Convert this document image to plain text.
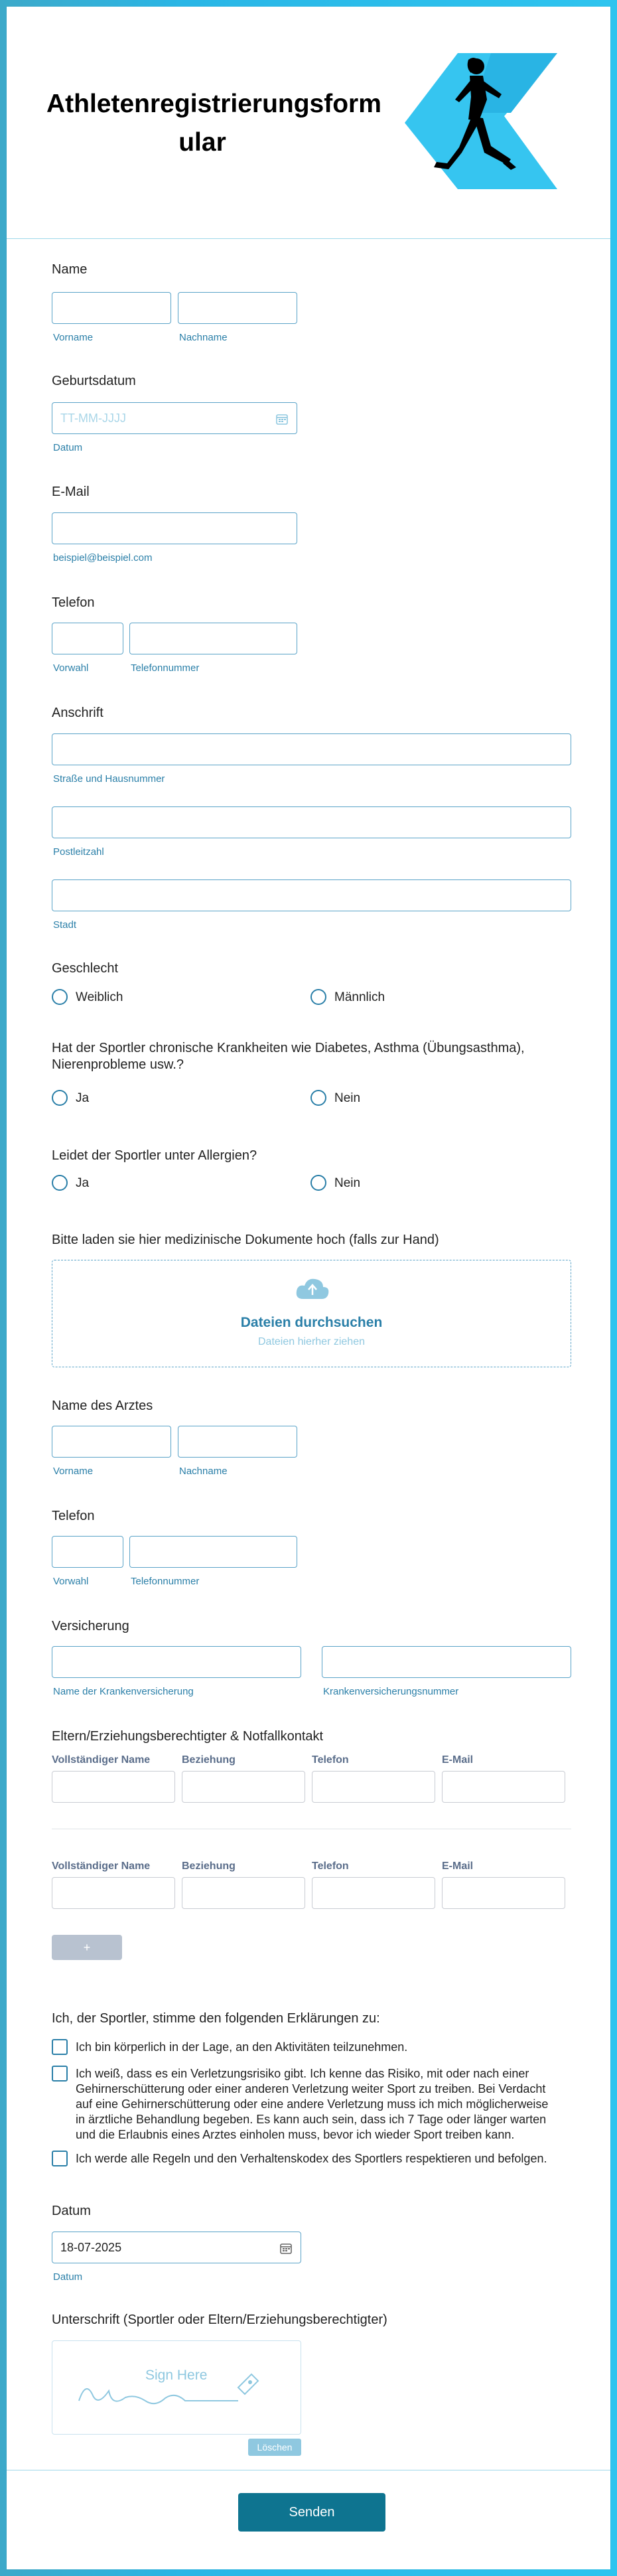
Athletenregistrierungsform
ular
Name
Vorname	Nachname
Geburtsdatum
TT-MM-JJJJ
Datum
E-Mail
beispiel@beispiel.com
Telefon
Vorwahl	Telefonnummer
Anschrift
Straße und Hausnummer
Postleitzahl
Stadt
Geschlecht
Weiblich	Männlich
Hat der Sportler chronische Krankheiten wie Diabetes, Asthma (Übungsasthma),
Nierenprobleme usw.?
Ja	Nein
Leidet der Sportler unter Allergien?
Ja	Nein
Bitte laden sie hier medizinische Dokumente hoch (falls zur Hand)
Dateien durchsuchen
Dateien hierher ziehen
Name des Arztes
Vorname	Nachname
Telefon
Vorwahl	Telefonnummer
Versicherung
Name der Krankenversicherung	Krankenversicherungsnummer
Eltern/Erziehungsberechtigter & Notfallkontakt
Vollständiger Name	Beziehung	Telefon	E-Mail
Vollständiger Name	Beziehung	Telefon	E-Mail
+
Ich, der Sportler, stimme den folgenden Erklärungen zu:
Ich bin körperlich in der Lage, an den Aktivitäten teilzunehmen.
Ich weiß, dass es ein Verletzungsrisiko gibt. Ich kenne das Risiko, mit oder nach einer
Gehirnerschütterung oder einer anderen Verletzung weiter Sport zu treiben. Bei Verdacht
auf eine Gehirnerschütterung oder eine andere Verletzung muss ich mich möglicherweise
in ärztliche Behandlung begeben. Es kann auch sein, dass ich 7 Tage oder länger warten
und die Erlaubnis eines Arztes einholen muss, bevor ich wieder Sport treiben kann.
Ich werde alle Regeln und den Verhaltenskodex des Sportlers respektieren und befolgen.
Datum
18-07-2025
Datum
Unterschrift (Sportler oder Eltern/Erziehungsberechtigter)
Sign Here
Löschen
Senden
